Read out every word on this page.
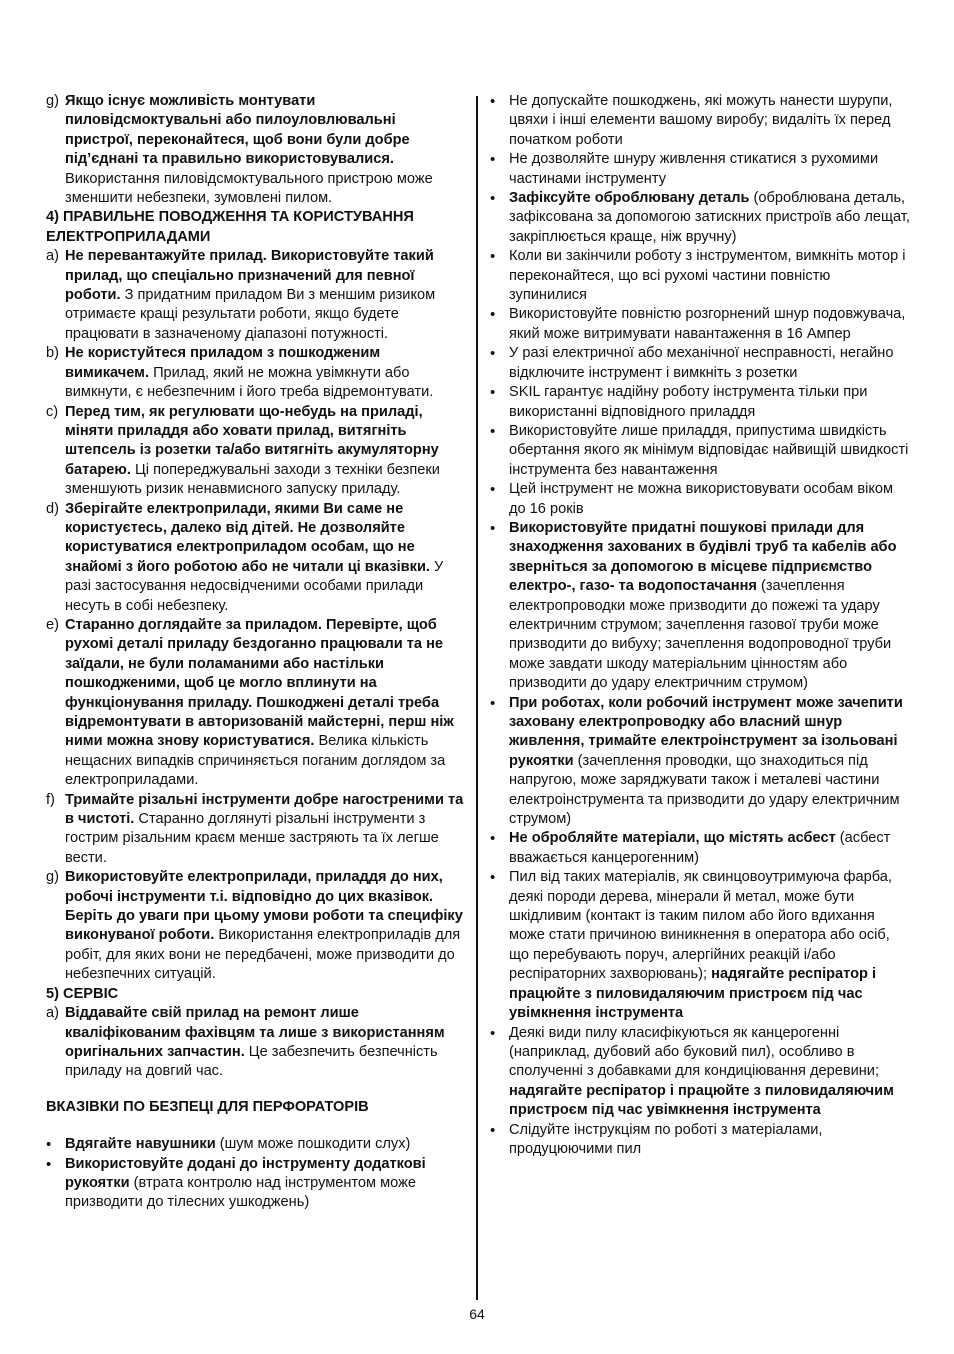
g) Якщо існує можливість монтувати пиловідсмоктувальні або пилоуловлювальні пристрої, переконайтеся, щоб вони були добре під’єднані та правильно використовувалися. Використання пиловідсмоктувального пристрою може зменшити небезпеки, зумовлені пилом.
4) ПРАВИЛЬНЕ ПОВОДЖЕННЯ ТА КОРИСТУВАННЯ ЕЛЕКТРОПРИЛАДАМИ
a) Не перевантажуйте прилад. Використовуйте такий прилад, що спеціально призначений для певної роботи. З придатним приладом Ви з меншим ризиком отримаєте кращі результати роботи, якщо будете працювати в зазначеному діапазоні потужності.
b) Не користуйтеся приладом з пошкодженим вимикачем. Прилад, який не можна увімкнути або вимкнути, є небезпечним і його треба відремонтувати.
c) Перед тим, як регулювати що-небудь на приладі, міняти приладдя або ховати прилад, витягніть штепсель із розетки та/або витягніть акумуляторну батарею. Ці попереджувальні заходи з техніки безпеки зменшують ризик ненавмисного запуску приладу.
d) Зберігайте електроприлади, якими Ви саме не користуєтесь, далеко від дітей. Не дозволяйте користуватися електроприладом особам, що не знайомі з його роботою або не читали ці вказівки. У разі застосування недосвідченими особами прилади несуть в собі небезпеку.
e) Старанно доглядайте за приладом. Перевірте, щоб рухомі деталі приладу бездоганно працювали та не заїдали, не були поламаними або настільки пошкодженими, щоб це могло вплинути на функціонування приладу. Пошкоджені деталі треба відремонтувати в авторизованій майстерні, перш ніж ними можна знову користуватися. Велика кількість нещасних випадків спричиняється поганим доглядом за електроприладами.
f) Тримайте різальні інструменти добре нагостреними та в чистоті. Старанно доглянуті різальні інструменти з гострим різальним краєм менше застряють та їх легше вести.
g) Використовуйте електроприлади, приладдя до них, робочі інструменти т.і. відповідно до цих вказівок. Беріть до уваги при цьому умови роботи та специфіку виконуваної роботи. Використання електроприладів для робіт, для яких вони не передбачені, може призводити до небезпечних ситуацій.
5) СЕРВІС
a) Віддавайте свій прилад на ремонт лише кваліфікованим фахівцям та лише з використанням оригінальних запчастин. Це забезпечить безпечність приладу на довгий час.
ВКАЗІВКИ ПО БЕЗПЕЦІ ДЛЯ ПЕРФОРАТОРІВ
• Вдягайте навушники (шум може пошкодити слух)
• Використовуйте додані до інструменту додаткові рукоятки (втрата контролю над інструментом може призводити до тілесних ушкоджень)
• Не допускайте пошкоджень, які можуть нанести шурупи, цвяхи і інші елементи вашому виробу; видаліть їх перед початком роботи
• Не дозволяйте шнуру живлення стикатися з рухомими частинами інструменту
• Зафіксуйте оброблювану деталь (оброблювана деталь, зафіксована за допомогою затискних пристроїв або лещат, закріплюється краще, ніж вручну)
• Коли ви закінчили роботу з інструментом, вимкніть мотор і переконайтеся, що всі рухомі частини повністю зупинилися
• Використовуйте повністю розгорнений шнур подовжувача, який може витримувати навантаження в 16 Ампер
• У разі електричної або механічної несправності, негайно відключите інструмент і вимкніть з розетки
• SKIL гарантує надійну роботу інструмента тільки при використанні відповідного приладдя
• Використовуйте лише приладдя, припустима швидкість обертання якого як мінімум відповідає найвищій швидкості інструмента без навантаження
• Цей інструмент не можна використовувати особам віком до 16 років
• Використовуйте придатні пошукові прилади для знаходження захованих в будівлі труб та кабелів або зверніться за допомогою в місцеве підприємство електро-, газо- та водопостачання (зачеплення електропроводки може призводити до пожежі та удару електричним струмом; зачеплення газової труби може призводити до вибуху; зачеплення водопроводної труби може завдати шкоду матеріальним цінностям або призводити до удару електричним струмом)
• При роботах, коли робочий інструмент може зачепити заховану електропроводку або власний шнур живлення, тримайте електроінструмент за ізольовані рукоятки (зачеплення проводки, що знаходиться під напругою, може заряджувати також і металеві частини електроінструмента та призводити до удару електричним струмом)
• Не обробляйте матеріали, що містять асбест (асбест вважається канцерогенним)
• Пил від таких матеріалів, як свинцовоутримуюча фарба, деякі породи дерева, мінерали й метал, може бути шкідливим (контакт із таким пилом або його вдихання може стати причиною виникнення в оператора або осіб, що перебувають поруч, алергійних реакцій і/або респіраторних захворювань); надягайте респіратор і працюйте з пиловидаляючим пристроєм під час увімкнення інструмента
• Деякі види пилу класифікуються як канцерогенні (наприклад, дубовий або буковий пил), особливо в сполученні з добавками для кондиціювання деревини; надягайте респіратор і працюйте з пиловидаляючим пристроєм під час увімкнення інструмента
• Слідуйте інструкціям по роботі з матеріалами, продуцюючими пил
64
